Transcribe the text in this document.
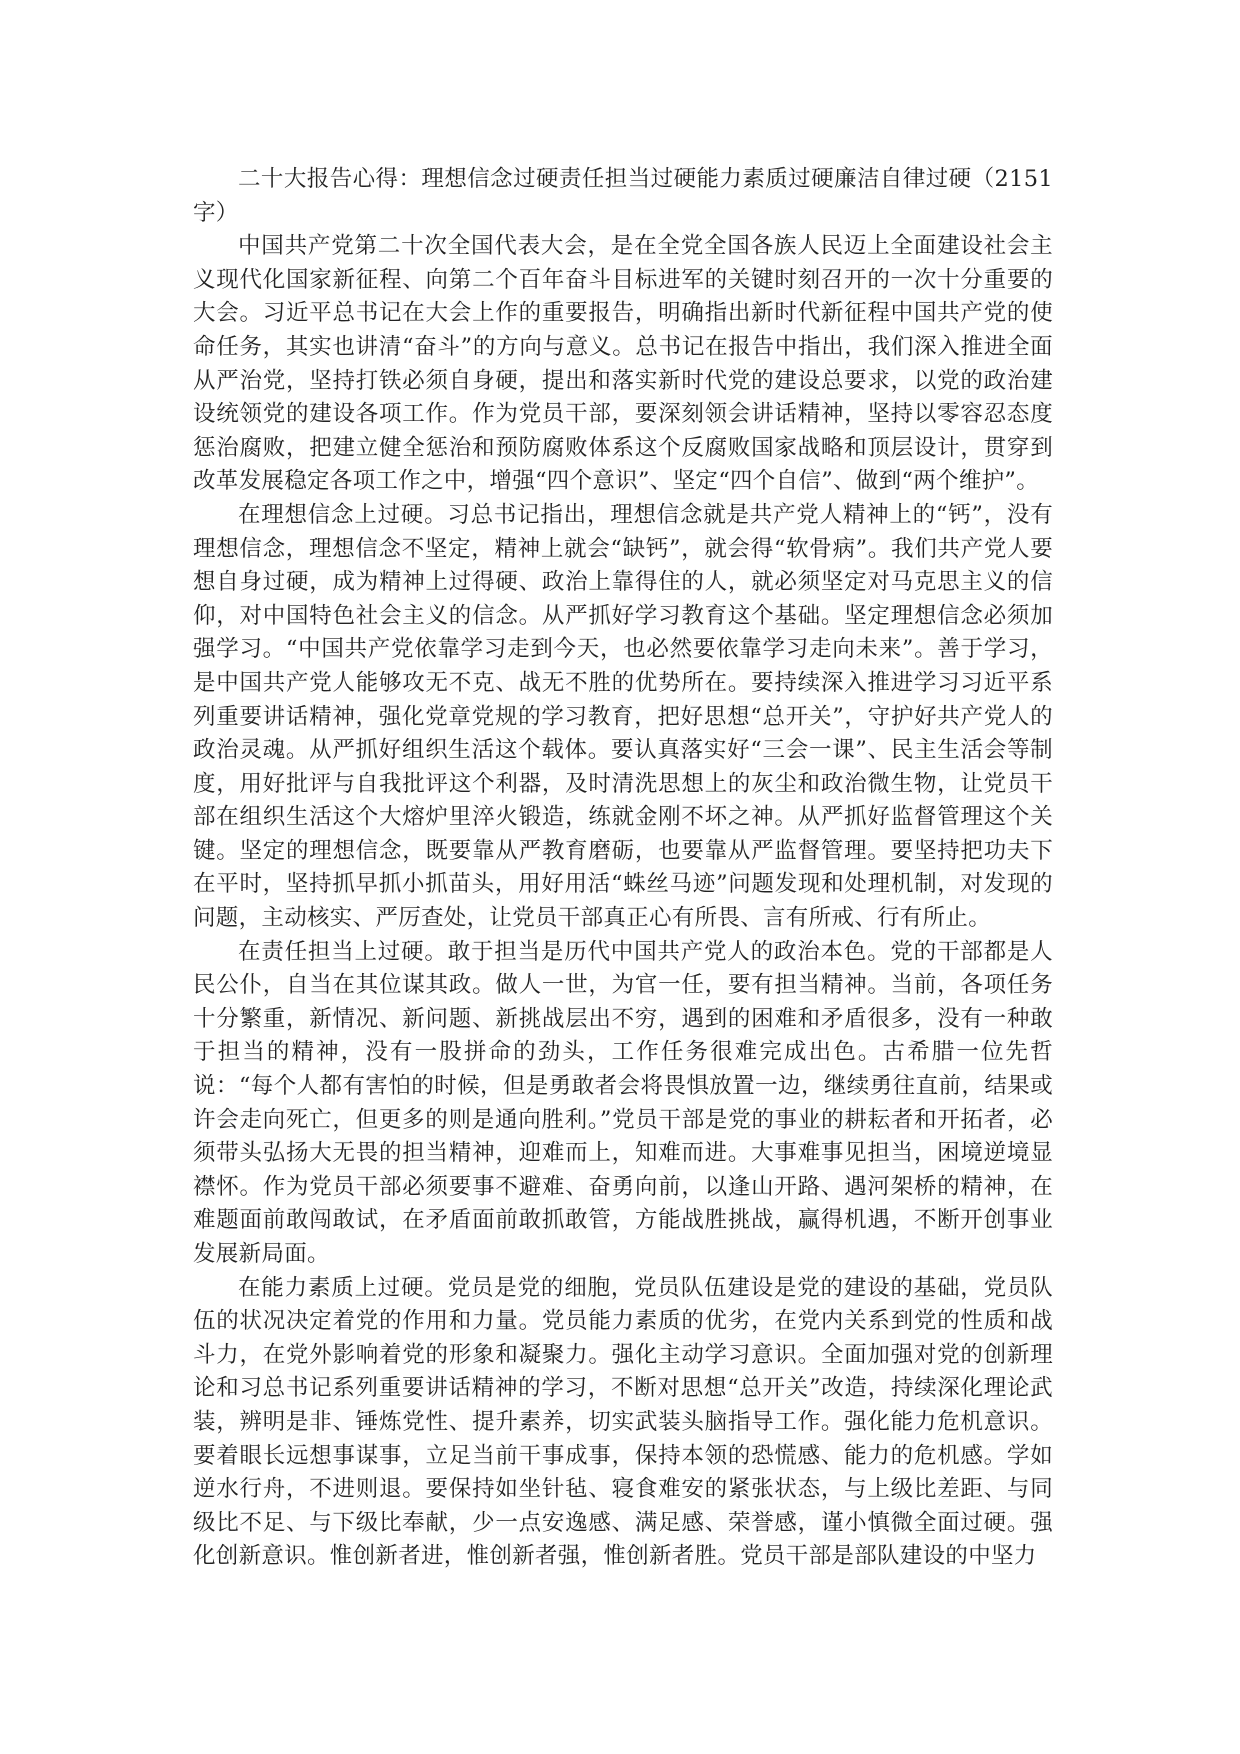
二十大报告心得：理想信念过硬责任担当过硬能力素质过硬廉洁自律过硬（2151字）

中国共产党第二十次全国代表大会，是在全党全国各族人民迈上全面建设社会主义现代化国家新征程、向第二个百年奋斗目标进军的关键时刻召开的一次十分重要的大会。习近平总书记在大会上作的重要报告，明确指出新时代新征程中国共产党的使命任务，其实也讲清“奋斗”的方向与意义。总书记在报告中指出，我们深入推进全面从严治党，坚持打铁必须自身硬，提出和落实新时代党的建设总要求，以党的政治建设统领党的建设各项工作。作为党员干部，要深刻领会讲话精神，坚持以零容忍态度惩治腐败，把建立健全惩治和预防腐败体系这个反腐败国家战略和顶层设计，贯穿到改革发展稳定各项工作之中，增强“四个意识”、坚定“四个自信”、做到“两个维护”。

在理想信念上过硬。习总书记指出，理想信念就是共产党人精神上的“钙”，没有理想信念，理想信念不坚定，精神上就会“缺钙”，就会得“软骨病”。我们共产党人要想自身过硬，成为精神上过得硬、政治上靠得住的人，就必须坚定对马克思主义的信仰，对中国特色社会主义的信念。从严抓好学习教育这个基础。坚定理想信念必须加强学习。“中国共产党依靠学习走到今天，也必然要依靠学习走向未来”。善于学习，是中国共产党人能够攻无不克、战无不胜的优势所在。要持续深入推进学习习近平系列重要讲话精神，强化党章党规的学习教育，把好思想“总开关”，守护好共产党人的政治灵魂。从严抓好组织生活这个载体。要认真落实好“三会一课”、民主生活会等制度，用好批评与自我批评这个利器，及时清洗思想上的灰尘和政治微生物，让党员干部在组织生活这个大熔炉里淬火锻造，练就金刚不坏之神。从严抓好监督管理这个关键。坚定的理想信念，既要靠从严教育磨砺，也要靠从严监督管理。要坚持把功夫下在平时，坚持抓早抓小抓苗头，用好用活“蛛丝马迹”问题发现和处理机制，对发现的问题，主动核实、严厉查处，让党员干部真正心有所畏、言有所戒、行有所止。

在责任担当上过硬。敢于担当是历代中国共产党人的政治本色。党的干部都是人民公仆，自当在其位谋其政。做人一世，为官一任，要有担当精神。当前，各项任务十分繁重，新情况、新问题、新挑战层出不穷，遇到的困难和矛盾很多，没有一种敢于担当的精神，没有一股拼命的劲头，工作任务很难完成出色。古希腊一位先哲说：“每个人都有害怕的时候，但是勇敢者会将畏惧放置一边，继续勇往直前，结果或许会走向死亡，但更多的则是通向胜利。”党员干部是党的事业的耕耘者和开拓者，必须带头弘扬大无畏的担当精神，迎难而上，知难而进。大事难事见担当，困境逆境显襟怀。作为党员干部必须要事不避难、奋勇向前，以逢山开路、遇河架桥的精神，在难题面前敢闯敢试，在矛盾面前敢抓敢管，方能战胜挑战，赢得机遇，不断开创事业发展新局面。

在能力素质上过硬。党员是党的细胞，党员队伍建设是党的建设的基础，党员队伍的状况决定着党的作用和力量。党员能力素质的优劣，在党内关系到党的性质和战斗力，在党外影响着党的形象和凝聚力。强化主动学习意识。全面加强对党的创新理论和习总书记系列重要讲话精神的学习，不断对思想“总开关”改造，持续深化理论武装，辨明是非、锤炼党性、提升素养，切实武装头脑指导工作。强化能力危机意识。要着眼长远想事谋事，立足当前干事成事，保持本领的恐慌感、能力的危机感。学如逆水行舟，不进则退。要保持如坐针毡、寝食难安的紧张状态，与上级比差距、与同级比不足、与下级比奉献，少一点安逸感、满足感、荣誉感，谨小慎微全面过硬。强化创新意识。惟创新者进，惟创新者强，惟创新者胜。党员干部是部队建设的中坚力
